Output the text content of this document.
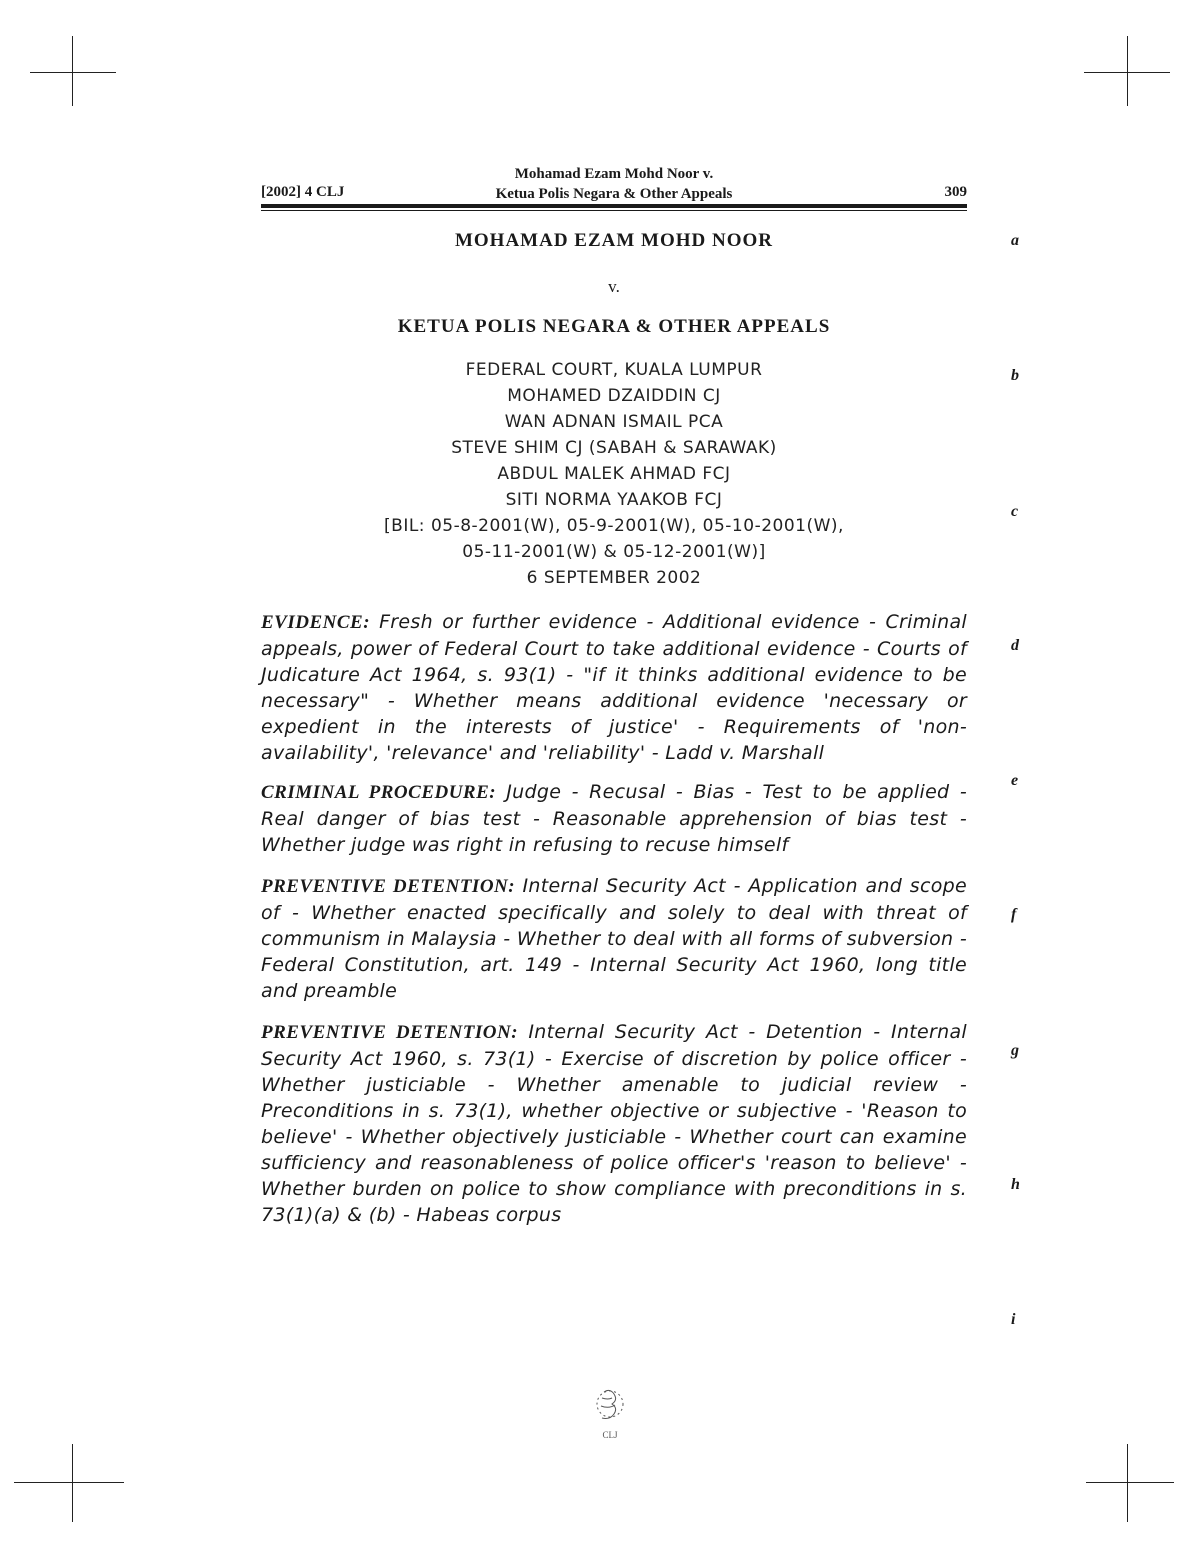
[2002] 4 CLJ
Mohamad Ezam Mohd Noor v.
Ketua Polis Negara & Other Appeals	309
MOHAMAD EZAM MOHD NOOR
v.
KETUA POLIS NEGARA & OTHER APPEALS
FEDERAL COURT, KUALA LUMPUR
MOHAMED DZAIDDIN CJ
WAN ADNAN ISMAIL PCA
STEVE SHIM CJ (SABAH & SARAWAK)
ABDUL MALEK AHMAD FCJ
SITI NORMA YAAKOB FCJ
[BIL: 05-8-2001(W), 05-9-2001(W), 05-10-2001(W),
05-11-2001(W) & 05-12-2001(W)]
6 SEPTEMBER 2002
EVIDENCE: Fresh or further evidence - Additional evidence - Criminal appeals, power of Federal Court to take additional evidence - Courts of Judicature Act 1964, s. 93(1) - "if it thinks additional evidence to be necessary" - Whether means additional evidence 'necessary or expedient in the interests of justice' - Requirements of 'non-availability', 'relevance' and 'reliability' - Ladd v. Marshall
CRIMINAL PROCEDURE: Judge - Recusal - Bias - Test to be applied - Real danger of bias test - Reasonable apprehension of bias test - Whether judge was right in refusing to recuse himself
PREVENTIVE DETENTION: Internal Security Act - Application and scope of - Whether enacted specifically and solely to deal with threat of communism in Malaysia - Whether to deal with all forms of subversion - Federal Constitution, art. 149 - Internal Security Act 1960, long title and preamble
PREVENTIVE DETENTION: Internal Security Act - Detention - Internal Security Act 1960, s. 73(1) - Exercise of discretion by police officer - Whether justiciable - Whether amenable to judicial review - Preconditions in s. 73(1), whether objective or subjective - 'Reason to believe' - Whether objectively justiciable - Whether court can examine sufficiency and reasonableness of police officer's 'reason to believe' - Whether burden on police to show compliance with preconditions in s. 73(1)(a) & (b) - Habeas corpus
a
b
c
d
e
f
g
h
i
CLJ
